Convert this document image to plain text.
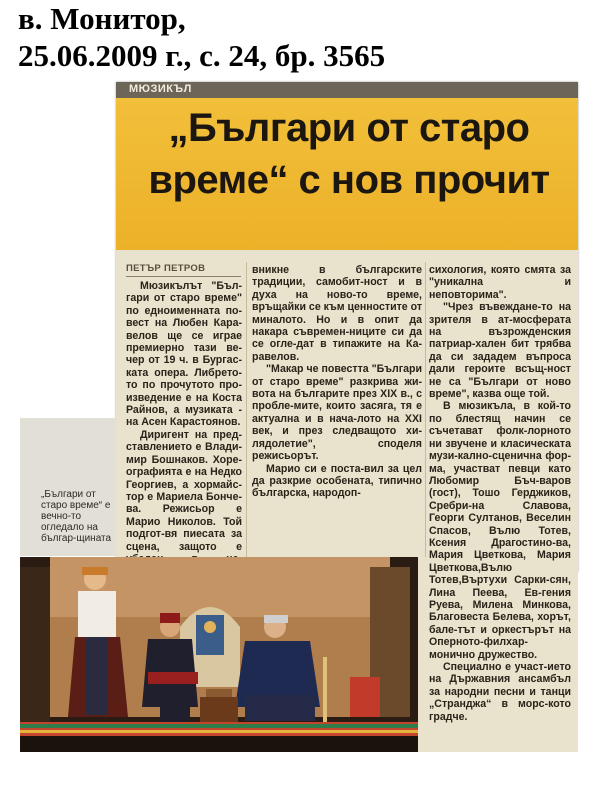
в. Монитор,
25.06.2009 г., с. 24, бр. 3565
МЮЗИКЪЛ
„Българи от старо
време“ с нов прочит
ПЕТЪР ПЕТРОВ

Мюзикълът "Бъл-гари от старо време" по едноименната по-вест на Любен Кара-велов ще се играе премиерно тази ве-чер от 19 ч. в Бургас-ката опера. Либрето-то по прочутото про-изведение е на Коста Райнов, а музиката - на Асен Карастоянов.

Диригент на пред-ставлението е Влади-мир Бошнаков. Хоре-ографията е на Недко Георгиев, а хормайс-тор е Мариела Бонче-ва. Режисьор е Марио Николов. Той подгот-вя пиесата за сцена, защото е

вникне в българските традиции, самобит-ност и в духа на ново-то време, връщайки се към ценностите от миналото. Но и в опит да накара съвремен-ниците си да се огле-дат в типажите на Ка-равелов.

"Макар че повестта "Българи от старо време" разкрива жи-вота на българите през XIX в., с пробле-мите, които засяга, тя е актуална и в нача-лото на XXI век, и през следващото хи-лядолетие", споделя режисьорът.

Марио си е поста-вил за цел да разкрие особената, типично българска, народоп-

сихология, която смята за "уникална и неповторима".

"Чрез въвеждане-то на зрителя в ат-мосферата на възрожденския патриар-хален бит трябва да си зададем въпроса дали героите всъщ-ност не са "Българи от ново време", казва още той.

В мюзикъла, в кой-то по блестящ начин се съчетават фолк-лорното ни звучене и класическата музи-кално-сценична фор-ма, участват певци като Любомир Бъч-варов (гост), Тошо Герджиков, Сребри-на Славова, Георги Султанов, Веселин Спасов, Вълю Тотев, Ксения Драгостино-ва, Мария Цветкова, Мария Цветкова,Вълю Тотев,Въртухи Сарки-сян, Лина Пеева, Ев-гения Руева, Милена Минкова, Благовеста Белева, хорът, бале-тът и оркестърът на Оперното-филхар-монично дружество.

Специално е участ-ието на Държавния ансамбъл за народни песни и танци „Странджа“ в морс-кото градче.

„Българи от старо време“ е вечно-то огледало на българ-щината
